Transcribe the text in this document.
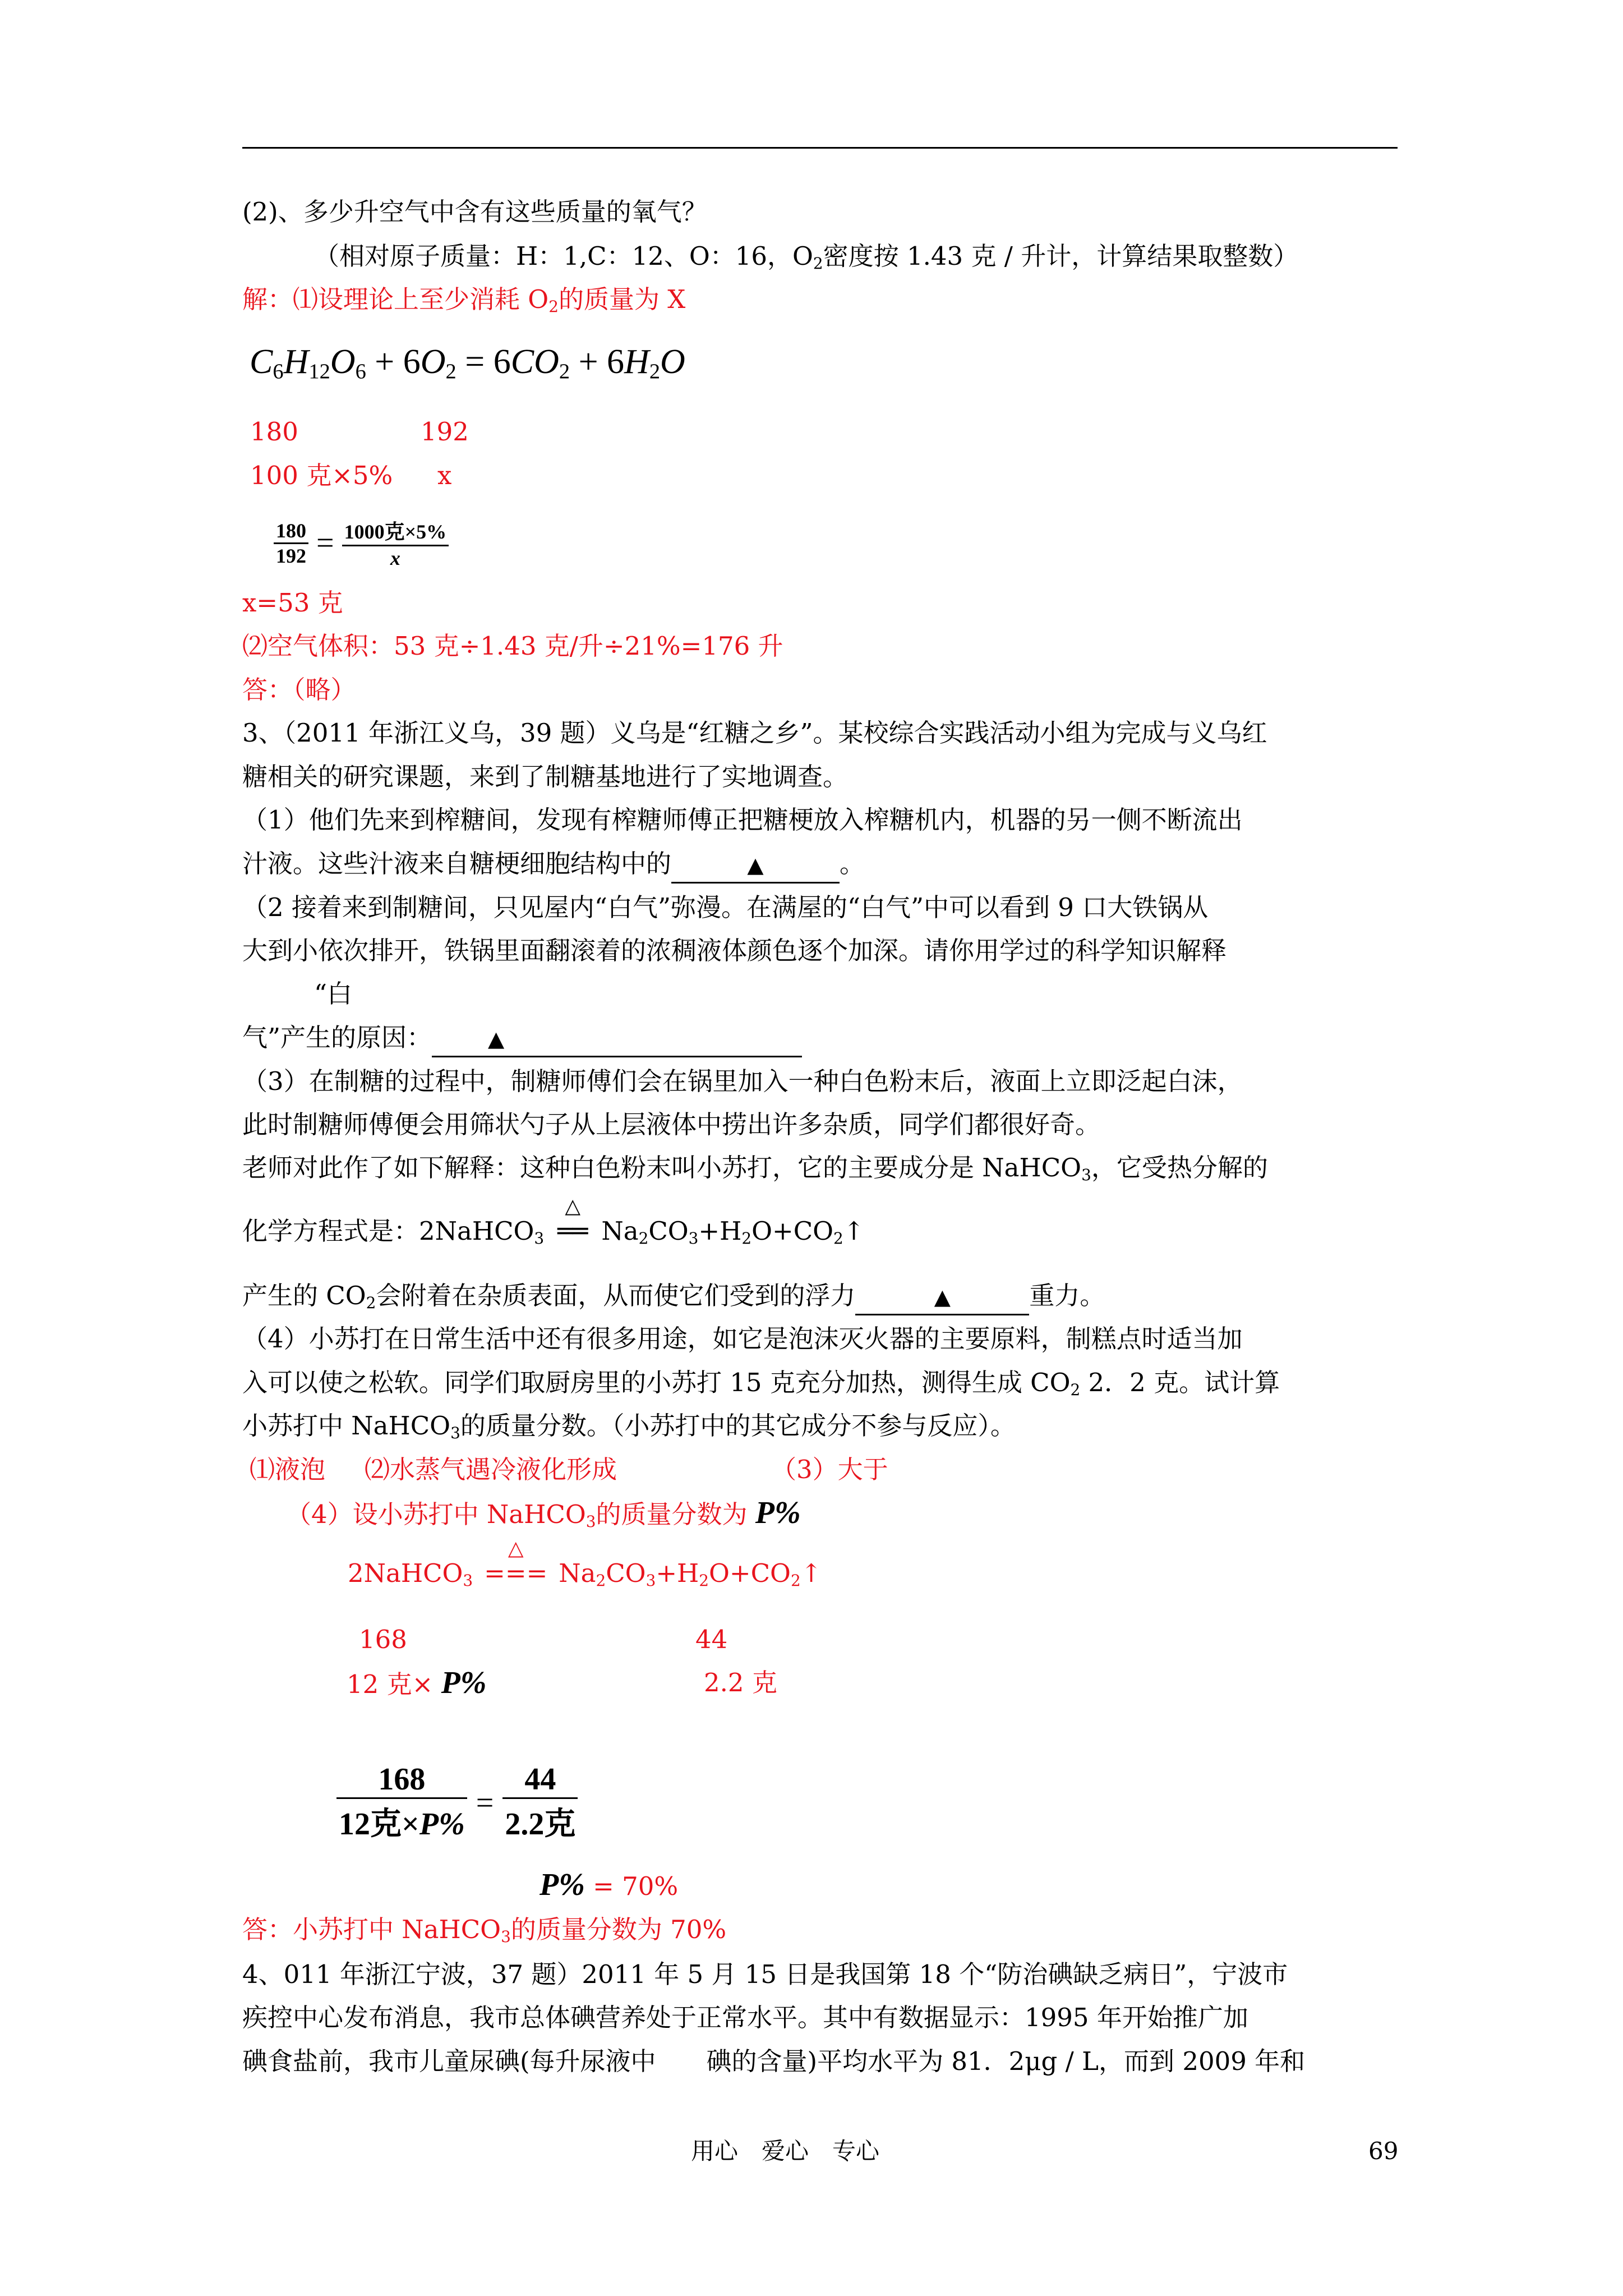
(2)、多少升空气中含有这些质量的氧气？
（相对原子质量：H：1,C：12、O：16，$O_2$密度按 1.43 克 / 升计，计算结果取整数）
解：⑴设理论上至少消耗 $O_2$的质量为 X
$C_6H_{12}O_6 + 6O_2 = 6CO_2 + 6H_2O$
180	192
100 克×5% x
$\frac{180}{192} = \frac{\text{1000克×5\%}}{x}$
x=53 克
⑵空气体积：53 克÷1.43 克/升÷21%=176 升
答：（略）
3、（2011 年浙江义乌，39 题）义乌是“红糖之乡”。某校综合实践活动小组为完成与义乌红
糖相关的研究课题，来到了制糖基地进行了实地调查。
（1）他们先来到榨糖间，发现有榨糖师傅正把糖梗放入榨糖机内，机器的另一侧不断流出
汁液。这些汁液来自糖梗细胞结构中的	▲	。
（2 接着来到制糖间，只见屋内“白气”弥漫。在满屋的“白气”中可以看到 9 口大铁锅从
大到小依次排开，铁锅里面翻滚着的浓稠液体颜色逐个加深。请你用学过的科学知识解释
“白
气”产生的原因：	▲
（3）在制糖的过程中，制糖师傅们会在锅里加入一种白色粉末后，液面上立即泛起白沫，
此时制糖师傅便会用筛状勺子从上层液体中捞出许多杂质，同学们都很好奇。
老师对此作了如下解释：这种白色粉末叫小苏打，它的主要成分是 NaHCO$_3$，它受热分解的
化学方程式是：2NaHCO$_3$
△
══ $Na_2CO_3+H_2O+CO_2↑$
产生的 $CO_2$会附着在杂质表面，从而使它们受到的浮力	▲	重力。
（4）小苏打在日常生活中还有很多用途，如它是泡沫灭火器的主要原料，制糕点时适当加
入可以使之松软。同学们取厨房里的小苏打 15 克充分加热，测得生成 $CO_2$ 2．2 克。试计算
小苏打中 NaHCO$_3$的质量分数。（小苏打中的其它成分不参与反应）。
⑴液泡 ⑵水蒸气遇冷液化形成	（3）大于
（4）设小苏打中 NaHCO$_3$的质量分数为 P%
2NaHCO$_3$
△
=== $Na_2CO_3+H_2O+CO_2↑$
168	44
12 克× P%	2.2 克
$\frac{168}{\text{12克×P\%}} = \frac{44}{\text{2.2克}}$
P% = 70%
答：小苏打中 NaHCO$_3$的质量分数为 70%
4、011 年浙江宁波，37 题）2011 年 5 月 15 日是我国第 18 个“防治碘缺乏病日”，宁波市
疾控中心发布消息，我市总体碘营养处于正常水平。其中有数据显示：1995 年开始推广加
碘食盐前，我市儿童尿碘(每升尿液中　　碘的含量)平均水平为 81．2μg / L，而到 2009 年和
用心　爱心　专心	69
